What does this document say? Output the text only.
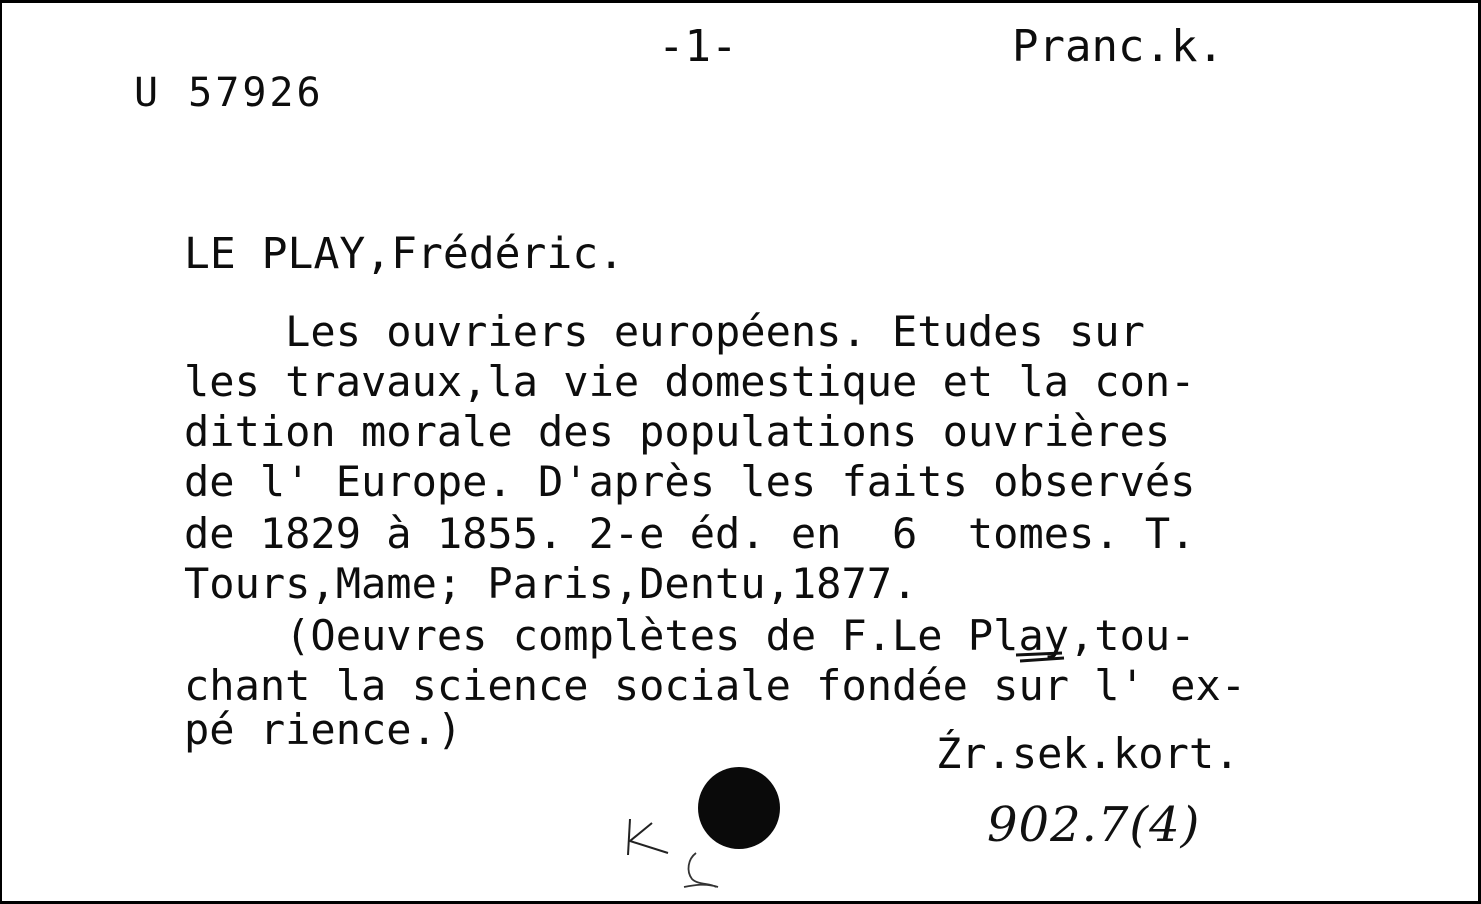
U 57926
-1-	Pranc.k.
LE PLAY,Frédéric.
Les ouvriers européens. Etudes sur
les travaux,la vie domestique et la con-
dition morale des populations ouvrières
de l' Europe. D'après les faits observés
de 1829 à 1855. 2-e éd. en  6  tomes. T.
Tours,Mame; Paris,Dentu,1877.
(Oeuvres complètes de F.Le Play,tou-
chant la science sociale fondée sur l' ex-
pé rience.)	Źr.sek.kort.
902.7(4)
